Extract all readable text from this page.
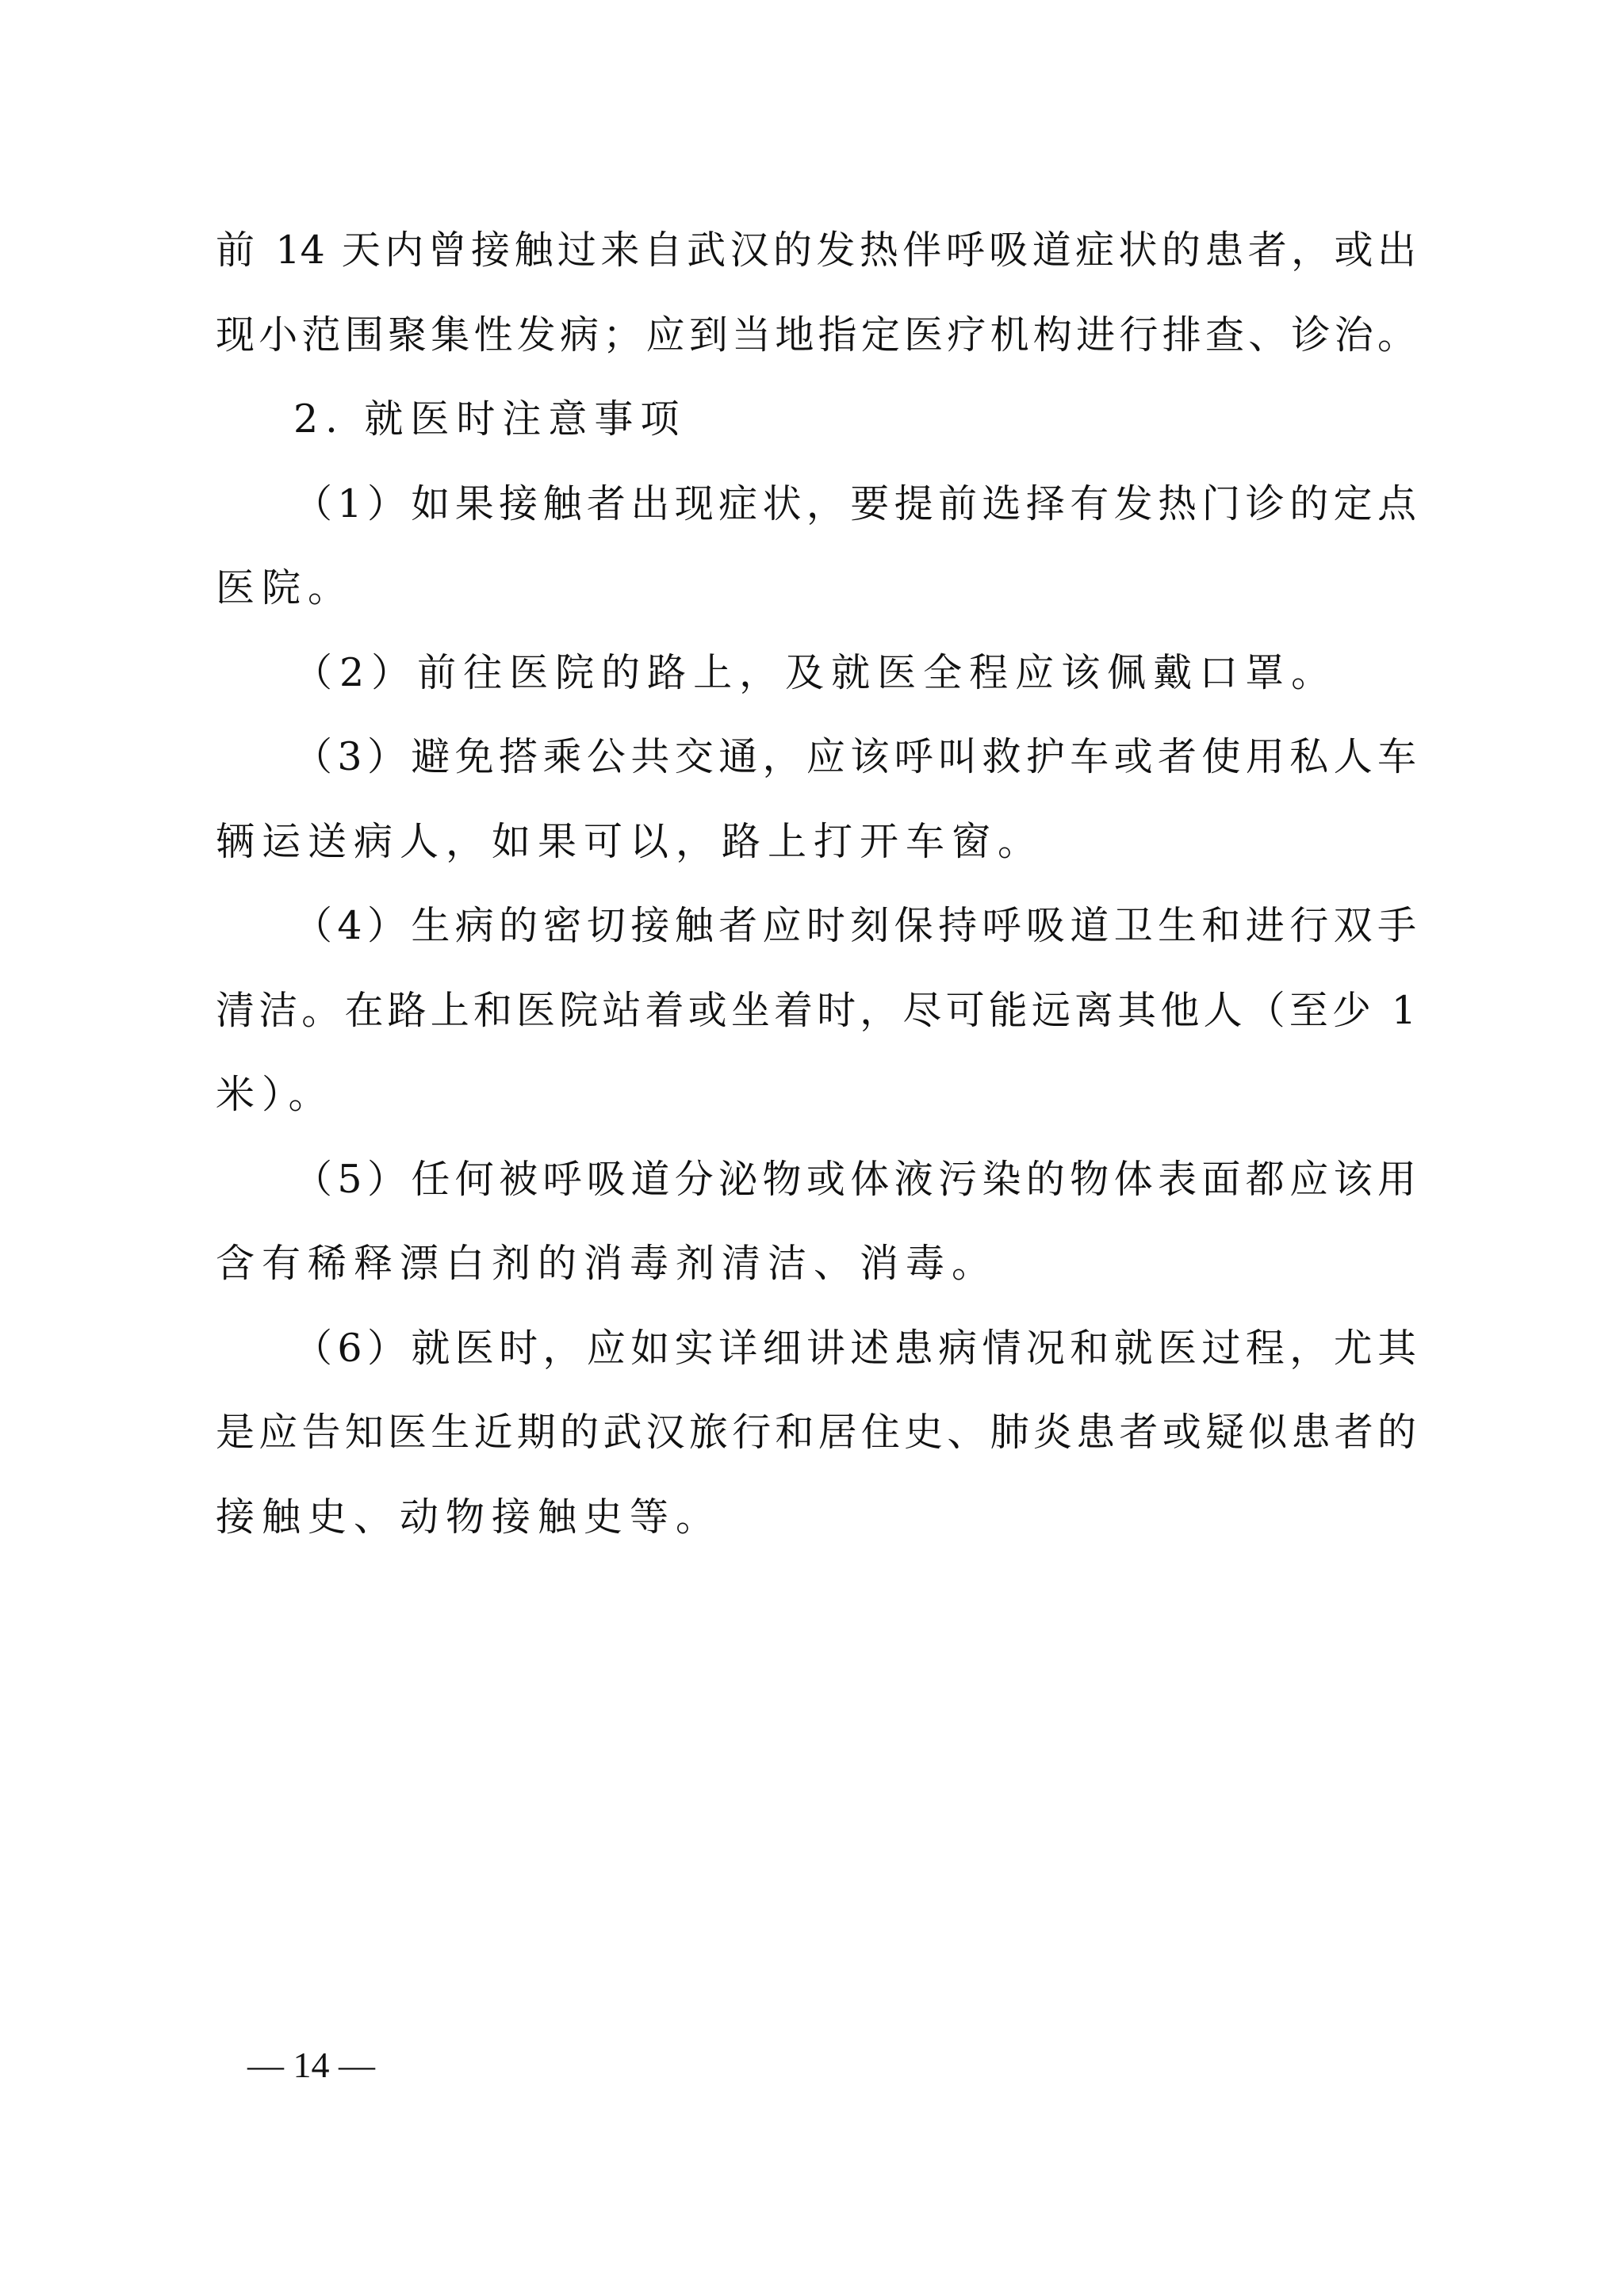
前 14 天内曾接触过来自武汉的发热伴呼吸道症状的患者，或出
现小范围聚集性发病；应到当地指定医疗机构进行排查、诊治。
2. 就医时注意事项
（1）如果接触者出现症状，要提前选择有发热门诊的定点
医院。
（2）前往医院的路上，及就医全程应该佩戴口罩。
（3）避免搭乘公共交通，应该呼叫救护车或者使用私人车
辆运送病人，如果可以，路上打开车窗。
（4）生病的密切接触者应时刻保持呼吸道卫生和进行双手
清洁。在路上和医院站着或坐着时，尽可能远离其他人（至少 1
米）。
（5）任何被呼吸道分泌物或体液污染的物体表面都应该用
含有稀释漂白剂的消毒剂清洁、消毒。
（6）就医时，应如实详细讲述患病情况和就医过程，尤其
是应告知医生近期的武汉旅行和居住史、肺炎患者或疑似患者的
接触史、动物接触史等。
— 14 —
